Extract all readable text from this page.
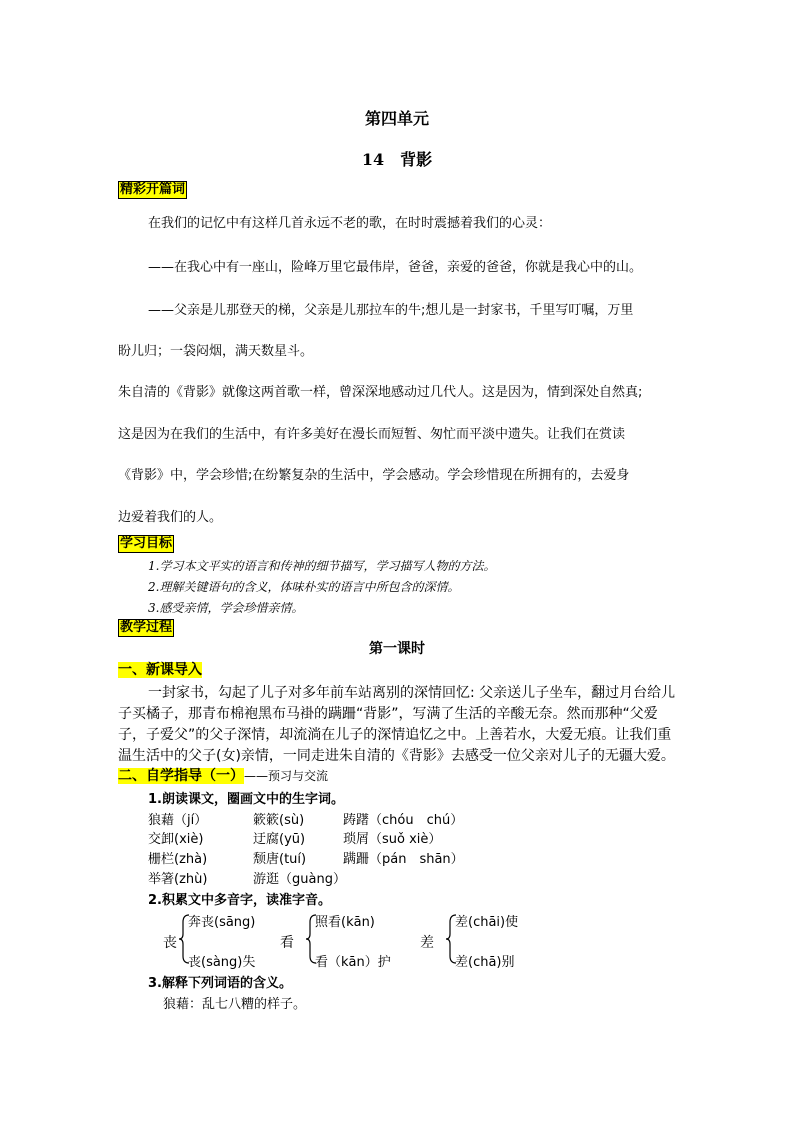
第四单元
14　背影
精彩开篇词
在我们的记忆中有这样几首永远不老的歌，在时时震撼着我们的心灵：
——在我心中有一座山，险峰万里它最伟岸，爸爸，亲爱的爸爸，你就是我心中的山。
——父亲是儿那登天的梯，父亲是儿那拉车的牛;想儿是一封家书，千里写叮嘱，万里
盼儿归；一袋闷烟，满天数星斗。
朱自清的《背影》就像这两首歌一样，曾深深地感动过几代人。这是因为，情到深处自然真;
这是因为在我们的生活中，有许多美好在漫长而短暂、匆忙而平淡中遗失。让我们在赏读
《背影》中，学会珍惜;在纷繁复杂的生活中，学会感动。学会珍惜现在所拥有的，去爱身
边爱着我们的人。
学习目标
1.学习本文平实的语言和传神的细节描写，学习描写人物的方法。
2.理解关键语句的含义，体味朴实的语言中所包含的深情。
3.感受亲情，学会珍惜亲情。
教学过程
第一课时
一、新课导入
一封家书，勾起了儿子对多年前车站离别的深情回忆: 父亲送儿子坐车，翻过月台给儿
子买橘子，那青布棉袍黑布马褂的蹒跚“背影”，写满了生活的辛酸无奈。然而那种“父爱
子，子爱父”的父子深情，却流淌在儿子的深情追忆之中。上善若水，大爱无痕。让我们重
温生活中的父子(女)亲情，一同走进朱自清的《背影》去感受一位父亲对儿子的无疆大爱。
二、自学指导（一）——预习与交流
1.朗读课文，圈画文中的生字词。
狼藉（jí）	簌簌(sù)	踌躇（chóu　chú）
交卸(xiè)	迂腐(yū)	琐屑（suǒ xiè）
栅栏(zhà)	颓唐(tuí)	蹒跚（pán　shān）
举箸(zhù)	游逛（guàng）
2.积累文中多音字，读准字音。
丧
奔丧(sāng)
丧(sàng)失
看
照看(kān)
看（kān）护
差
差(chāi)使
差(chā)别
3.解释下列词语的含义。
狼藉：乱七八糟的样子。
